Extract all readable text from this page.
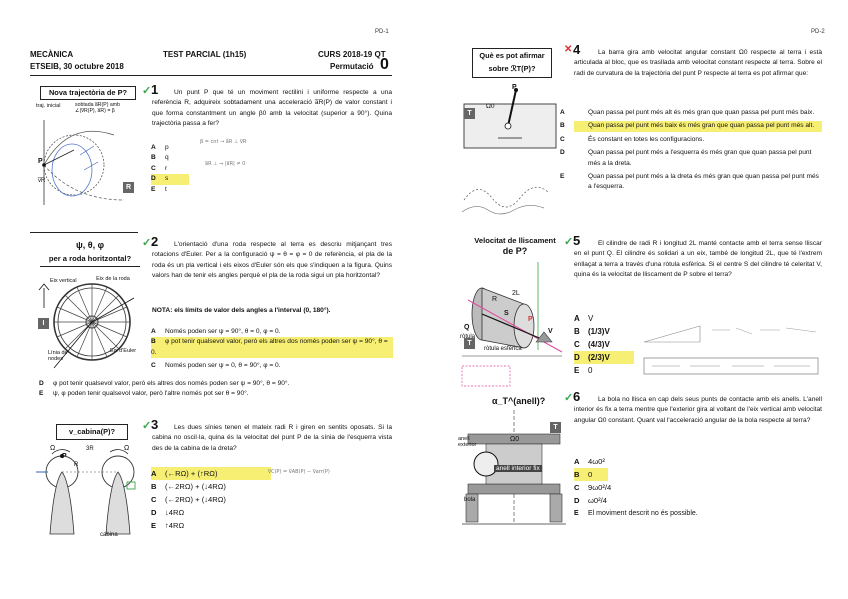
PD-1
MECÀNICA
ETSEIB, 30 octubre 2018
TEST PARCIAL (1h15)	CURS 2018-19 QT
Permutació 0
Nova trajectòria de P?
traj. inicial	sobtada a̅R(P) amb ∠(v̅R(P), a̅R) = β
P
R
v̅R
✓ 1	Un punt P que té un moviment rectilini i uniforme respecte a una referència R, adquireix sobtadament una acceleració a̅R(P) de valor constant i que forma constantment un angle β0 amb la velocitat (superior a 90°). Quina trajectòria passa a fer?
A p
B q
C r
D s
E t
β = cnt → a̅R ⊥ v̅R
a̅R ⊥ ⇒ |a̅R| ≠ 0
ψ, θ, φ
per a roda horitzontal?
Eix de la roda
Línia de nodes
Eix d'Euler
Eix vertical
I
✓ 2	L'orientació d'una roda respecte al terra es descriu mitjançant tres rotacions d'Euler. Per a la configuració ψ = θ = φ = 0 de referència, el pla de la roda és un pla vertical i els eixos d'Euler són els que s'indiquen a la figura. Quins valors han de tenir els angles perquè el pla de la roda sigui un pla horitzontal?
NOTA: els límits de valor dels angles a l'interval (0, 180°).
A Només poden ser ψ = 90°, θ = 0, φ = 0.
B φ pot tenir qualsevol valor, però els altres dos només poden ser ψ = 90°, θ = 0.
C Només poden ser ψ = 0, θ = 90°, φ = 0.
D φ pot tenir qualsevol valor, però els altres dos només poden ser ψ = 90°, θ = 90°.
E ψ, φ poden tenir qualsevol valor, però l'altre només pot ser θ = 90°.
v_cabina(P)?
Ω
P
R
3R	Ω
cabina
✓ 3	Les dues sínies tenen el mateix radi R i giren en sentits oposats. Si la cabina no oscil·la, quina és la velocitat del punt P de la sínia de l'esquerra vista des de la cabina de la dreta?
A (←RΩ) + (↑RΩ)
B (←2RΩ) + (↓4RΩ)
C (←2RΩ) + (↓4RΩ)
D ↓4RΩ
E ↑4RΩ
v̅C(P) = v̅AB(P) − v̅arr(P)
PD-2
Què es pot afirmar
sobre ℛT(P)?
P
Ω0
T
✕ 4	La barra gira amb velocitat angular constant Ω0 respecte al terra i està articulada al bloc, que es trasllada amb velocitat constant respecte al terra. Sobre el radi de curvatura de la trajectòria del punt P respecte al terra es pot afirmar que:
A	Quan passa pel punt més alt és més gran que quan passa pel punt més baix.
B	Quan passa pel punt més baix és més gran que quan passa pel punt més alt.
C	És constant en totes les configuracions.
D	Quan passa pel punt més a l'esquerra és més gran que quan passa pel punt més a la dreta.
E	Quan passa pel punt més a la dreta és més gran que quan passa pel punt més a l'esquerra.
Velocitat de lliscament
de P?
2L
S
P
Q
R
T
V
ròtula
ròtula esfèrica
✓ 5	El cilindre de radi R i longitud 2L manté contacte amb el terra sense lliscar en el punt Q. El cilindre és solidari a un eix, també de longitud 2L, que té l'extrem enllaçat a terra a través d'una ròtula esfèrica. Si el centre S del cilindre té celeritat V, quina és la velocitat de lliscament de P sobre el terra?
A V
B (1/3)V
C (4/3)V
D (2/3)V
E 0
α_T^(anell)?
anell exterior
Ω0
anell interior fix
bola
T
✓ 6	La bola no llisca en cap dels seus punts de contacte amb els anells. L'anell interior és fix a terra mentre que l'exterior gira al voltant de l'eix vertical amb velocitat angular Ω0 constant. Quant val l'acceleració angular de la bola respecte al terra?
A 4ω0²
B 0
C 9ω0²/4
D ω0²/4
E El moviment descrit no és possible.
